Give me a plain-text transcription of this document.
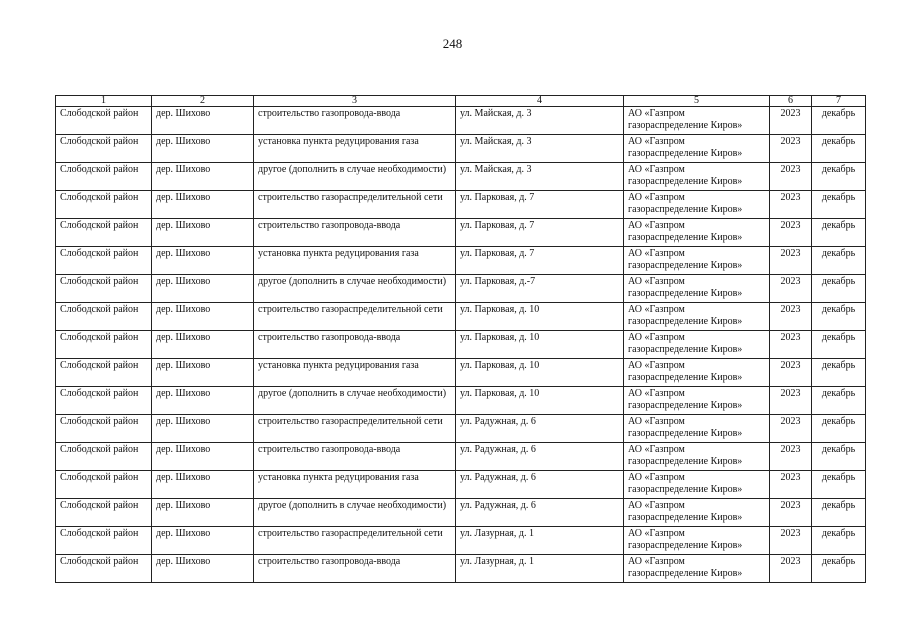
248
1	2	3	4	5	6	7
Слободской район	дер. Шихово	строительство газопровода-ввода	ул. Майская, д. 3	АО «Газпром газораспределение Киров»	2023	декабрь
Слободской район	дер. Шихово	установка пункта редуцирования газа	ул. Майская, д. 3	АО «Газпром газораспределение Киров»	2023	декабрь
Слободской район	дер. Шихово	другое (дополнить в случае необходимости)	ул. Майская, д. 3	АО «Газпром газораспределение Киров»	2023	декабрь
Слободской район	дер. Шихово	строительство газораспределительной сети	ул. Парковая, д. 7	АО «Газпром газораспределение Киров»	2023	декабрь
Слободской район	дер. Шихово	строительство газопровода-ввода	ул. Парковая, д. 7	АО «Газпром газораспределение Киров»	2023	декабрь
Слободской район	дер. Шихово	установка пункта редуцирования газа	ул. Парковая, д. 7	АО «Газпром газораспределение Киров»	2023	декабрь
Слободской район	дер. Шихово	другое (дополнить в случае необходимости)	ул. Парковая, д.-7	АО «Газпром газораспределение Киров»	2023	декабрь
Слободской район	дер. Шихово	строительство газораспределительной сети	ул. Парковая, д. 10	АО «Газпром газораспределение Киров»	2023	декабрь
Слободской район	дер. Шихово	строительство газопровода-ввода	ул. Парковая, д. 10	АО «Газпром газораспределение Киров»	2023	декабрь
Слободской район	дер. Шихово	установка пункта редуцирования газа	ул. Парковая, д. 10	АО «Газпром газораспределение Киров»	2023	декабрь
Слободской район	дер. Шихово	другое (дополнить в случае необходимости)	ул. Парковая, д. 10	АО «Газпром газораспределение Киров»	2023	декабрь
Слободской район	дер. Шихово	строительство газораспределительной сети	ул. Радужная, д. 6	АО «Газпром газораспределение Киров»	2023	декабрь
Слободской район	дер. Шихово	строительство газопровода-ввода	ул. Радужная, д. 6	АО «Газпром газораспределение Киров»	2023	декабрь
Слободской район	дер. Шихово	установка пункта редуцирования газа	ул. Радужная, д. 6	АО «Газпром газораспределение Киров»	2023	декабрь
Слободской район	дер. Шихово	другое (дополнить в случае необходимости)	ул. Радужная, д. 6	АО «Газпром газораспределение Киров»	2023	декабрь
Слободской район	дер. Шихово	строительство газораспределительной сети	ул. Лазурная, д. 1	АО «Газпром газораспределение Киров»	2023	декабрь
Слободской район	дер. Шихово	строительство газопровода-ввода	ул. Лазурная, д. 1	АО «Газпром газораспределение Киров»	2023	декабрь
